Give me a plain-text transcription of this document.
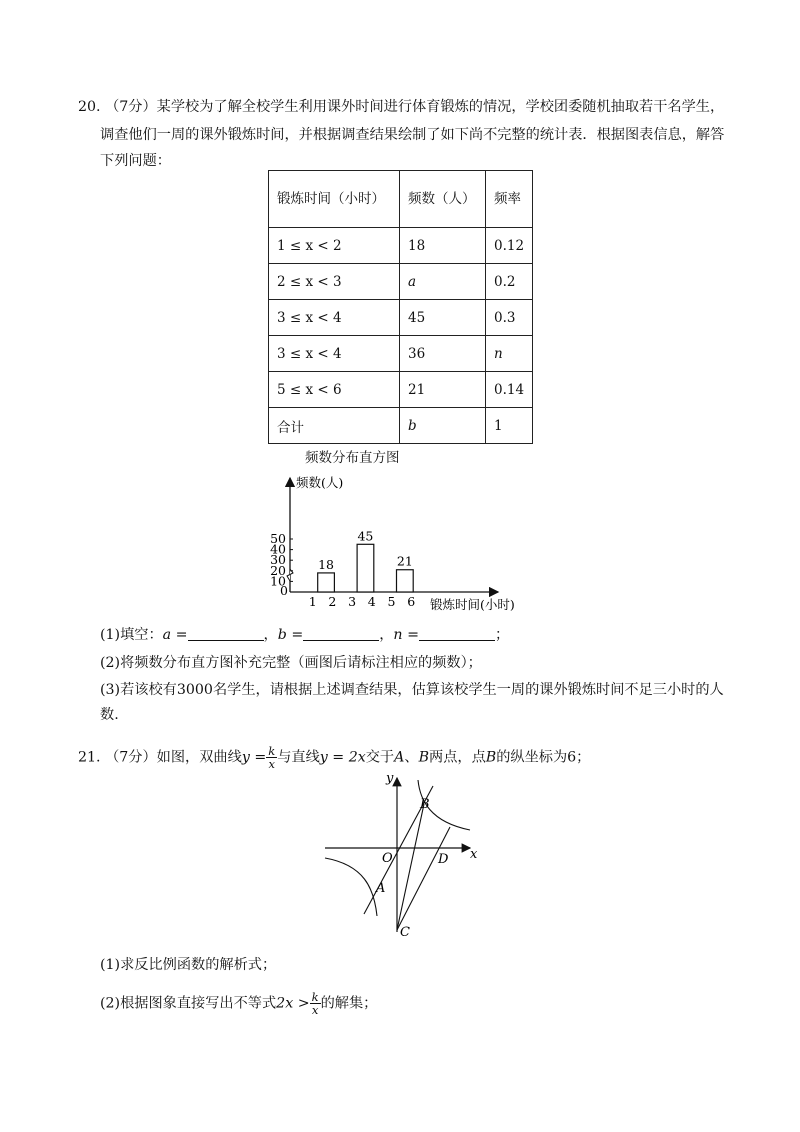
20. （7分）某学校为了解全校学生利用课外时间进行体育锻炼的情况，学校团委随机抽取若干名学生，
调查他们一周的课外锻炼时间，并根据调查结果绘制了如下尚不完整的统计表．根据图表信息，解答
下列问题：
锻炼时间（小时）	频数（人）	频率
1 ≤ x < 2	18	0.12
2 ≤ x < 3	a	0.2
3 ≤ x < 4	45	0.3
3 ≤ x < 4	36	n
5 ≤ x < 6	21	0.14
合计	b	1
频数分布直方图
频数(人)
锻炼时间(小时)
10
20
30
40
50
0
1 2 3 4 5 6
18
45
21
(1)填空：a =	，b =	，n =	；
(2)将频数分布直方图补充完整（画图后请标注相应的频数）；
(3)若该校有3000名学生，请根据上述调查结果，估算该校学生一周的课外锻炼时间不足三小时的人
数.
21. （7分）如图，双曲线$y = \frac{k}{x}$ 与直线y = 2x交于A、B两点，点B的纵坐标为6；
y
x
O
B
A
C
D
(1)求反比例函数的解析式；
(2)根据图象直接写出不等式$2x > \frac{k}{x}$ 的解集；
